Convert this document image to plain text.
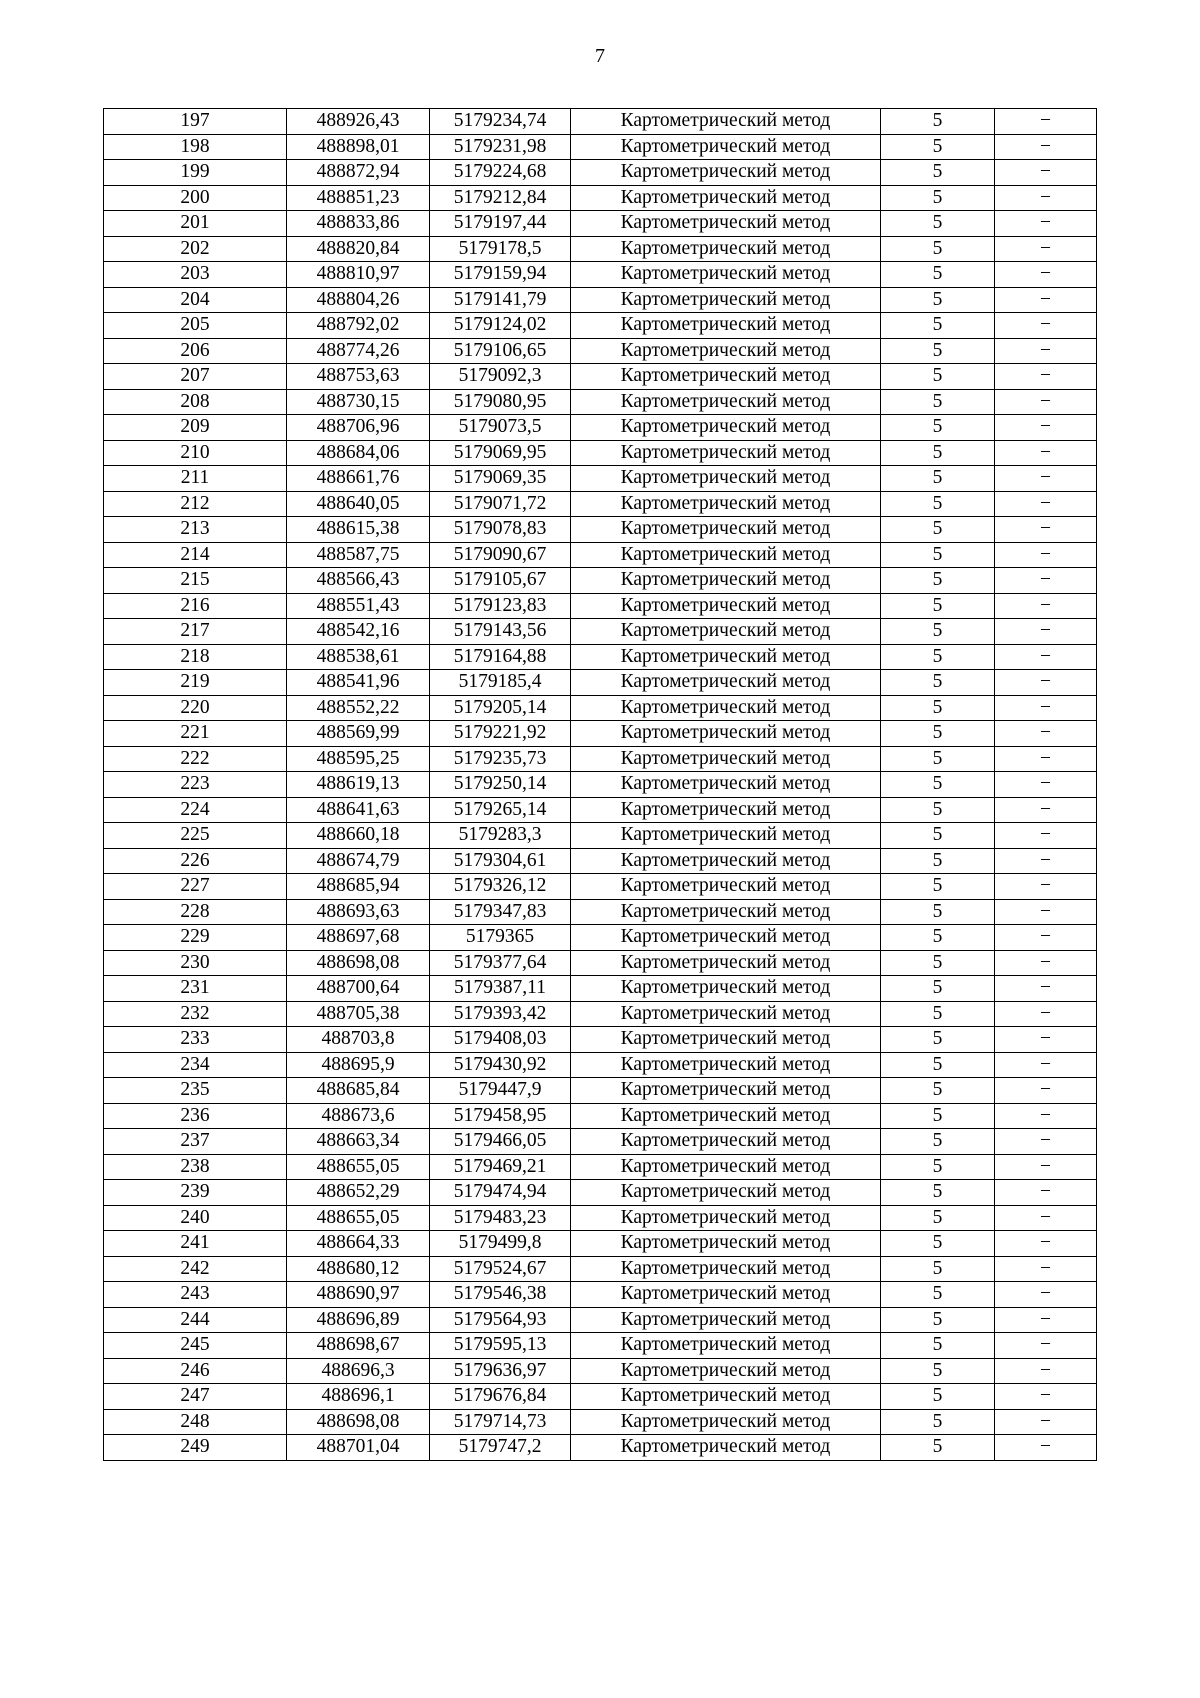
7
197	488926,43	5179234,74	Картометрический метод	5	−
198	488898,01	5179231,98	Картометрический метод	5	−
199	488872,94	5179224,68	Картометрический метод	5	−
200	488851,23	5179212,84	Картометрический метод	5	−
201	488833,86	5179197,44	Картометрический метод	5	−
202	488820,84	5179178,5	Картометрический метод	5	−
203	488810,97	5179159,94	Картометрический метод	5	−
204	488804,26	5179141,79	Картометрический метод	5	−
205	488792,02	5179124,02	Картометрический метод	5	−
206	488774,26	5179106,65	Картометрический метод	5	−
207	488753,63	5179092,3	Картометрический метод	5	−
208	488730,15	5179080,95	Картометрический метод	5	−
209	488706,96	5179073,5	Картометрический метод	5	−
210	488684,06	5179069,95	Картометрический метод	5	−
211	488661,76	5179069,35	Картометрический метод	5	−
212	488640,05	5179071,72	Картометрический метод	5	−
213	488615,38	5179078,83	Картометрический метод	5	−
214	488587,75	5179090,67	Картометрический метод	5	−
215	488566,43	5179105,67	Картометрический метод	5	−
216	488551,43	5179123,83	Картометрический метод	5	−
217	488542,16	5179143,56	Картометрический метод	5	−
218	488538,61	5179164,88	Картометрический метод	5	−
219	488541,96	5179185,4	Картометрический метод	5	−
220	488552,22	5179205,14	Картометрический метод	5	−
221	488569,99	5179221,92	Картометрический метод	5	−
222	488595,25	5179235,73	Картометрический метод	5	−
223	488619,13	5179250,14	Картометрический метод	5	−
224	488641,63	5179265,14	Картометрический метод	5	−
225	488660,18	5179283,3	Картометрический метод	5	−
226	488674,79	5179304,61	Картометрический метод	5	−
227	488685,94	5179326,12	Картометрический метод	5	−
228	488693,63	5179347,83	Картометрический метод	5	−
229	488697,68	5179365	Картометрический метод	5	−
230	488698,08	5179377,64	Картометрический метод	5	−
231	488700,64	5179387,11	Картометрический метод	5	−
232	488705,38	5179393,42	Картометрический метод	5	−
233	488703,8	5179408,03	Картометрический метод	5	−
234	488695,9	5179430,92	Картометрический метод	5	−
235	488685,84	5179447,9	Картометрический метод	5	−
236	488673,6	5179458,95	Картометрический метод	5	−
237	488663,34	5179466,05	Картометрический метод	5	−
238	488655,05	5179469,21	Картометрический метод	5	−
239	488652,29	5179474,94	Картометрический метод	5	−
240	488655,05	5179483,23	Картометрический метод	5	−
241	488664,33	5179499,8	Картометрический метод	5	−
242	488680,12	5179524,67	Картометрический метод	5	−
243	488690,97	5179546,38	Картометрический метод	5	−
244	488696,89	5179564,93	Картометрический метод	5	−
245	488698,67	5179595,13	Картометрический метод	5	−
246	488696,3	5179636,97	Картометрический метод	5	−
247	488696,1	5179676,84	Картометрический метод	5	−
248	488698,08	5179714,73	Картометрический метод	5	−
249	488701,04	5179747,2	Картометрический метод	5	−
